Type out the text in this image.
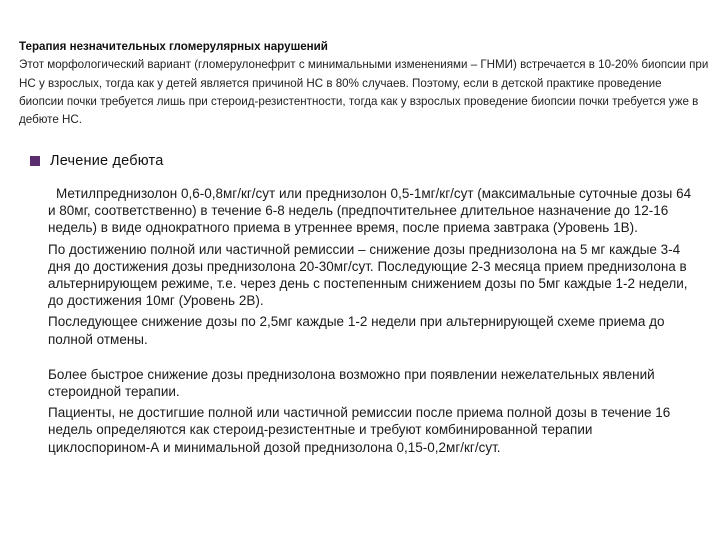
Терапия незначительных гломерулярных нарушений
Этот морфологический вариант (гломерулонефрит с минимальными изменениями – ГНМИ) встречается в 10-20% биопсии при НС у взрослых, тогда как у детей является причиной НС в 80% случаев. Поэтому, если в детской практике проведение биопсии почки требуется лишь при стероид-резистентности, тогда как у взрослых проведение биопсии почки требуется уже в дебюте НС.
Лечение дебюта

Метилпреднизолон 0,6-0,8мг/кг/сут или преднизолон 0,5-1мг/кг/сут (максимальные суточные дозы 64 и 80мг, соответственно) в течение 6-8 недель (предпочтительнее длительное назначение до 12-16 недель) в виде однократного приема в утреннее время, после приема завтрака (Уровень 1В).

По достижению полной или частичной ремиссии – снижение дозы преднизолона на 5 мг каждые 3-4 дня до достижения дозы преднизолона 20-30мг/сут. Последующие 2-3 месяца прием преднизолона в альтернирующем режиме, т.е. через день с постепенным снижением дозы по 5мг каждые 1-2 недели, до достижения 10мг (Уровень 2В).

Последующее снижение дозы по 2,5мг каждые 1-2 недели при альтернирующей схеме приема до полной отмены.

Более быстрое снижение дозы преднизолона возможно при появлении нежелательных явлений стероидной терапии.

Пациенты, не достигшие полной или частичной ремиссии после приема полной дозы в течение 16 недель определяются как стероид-резистентные и требуют комбинированной терапии циклоспорином-А и минимальной дозой преднизолона 0,15-0,2мг/кг/сут.
